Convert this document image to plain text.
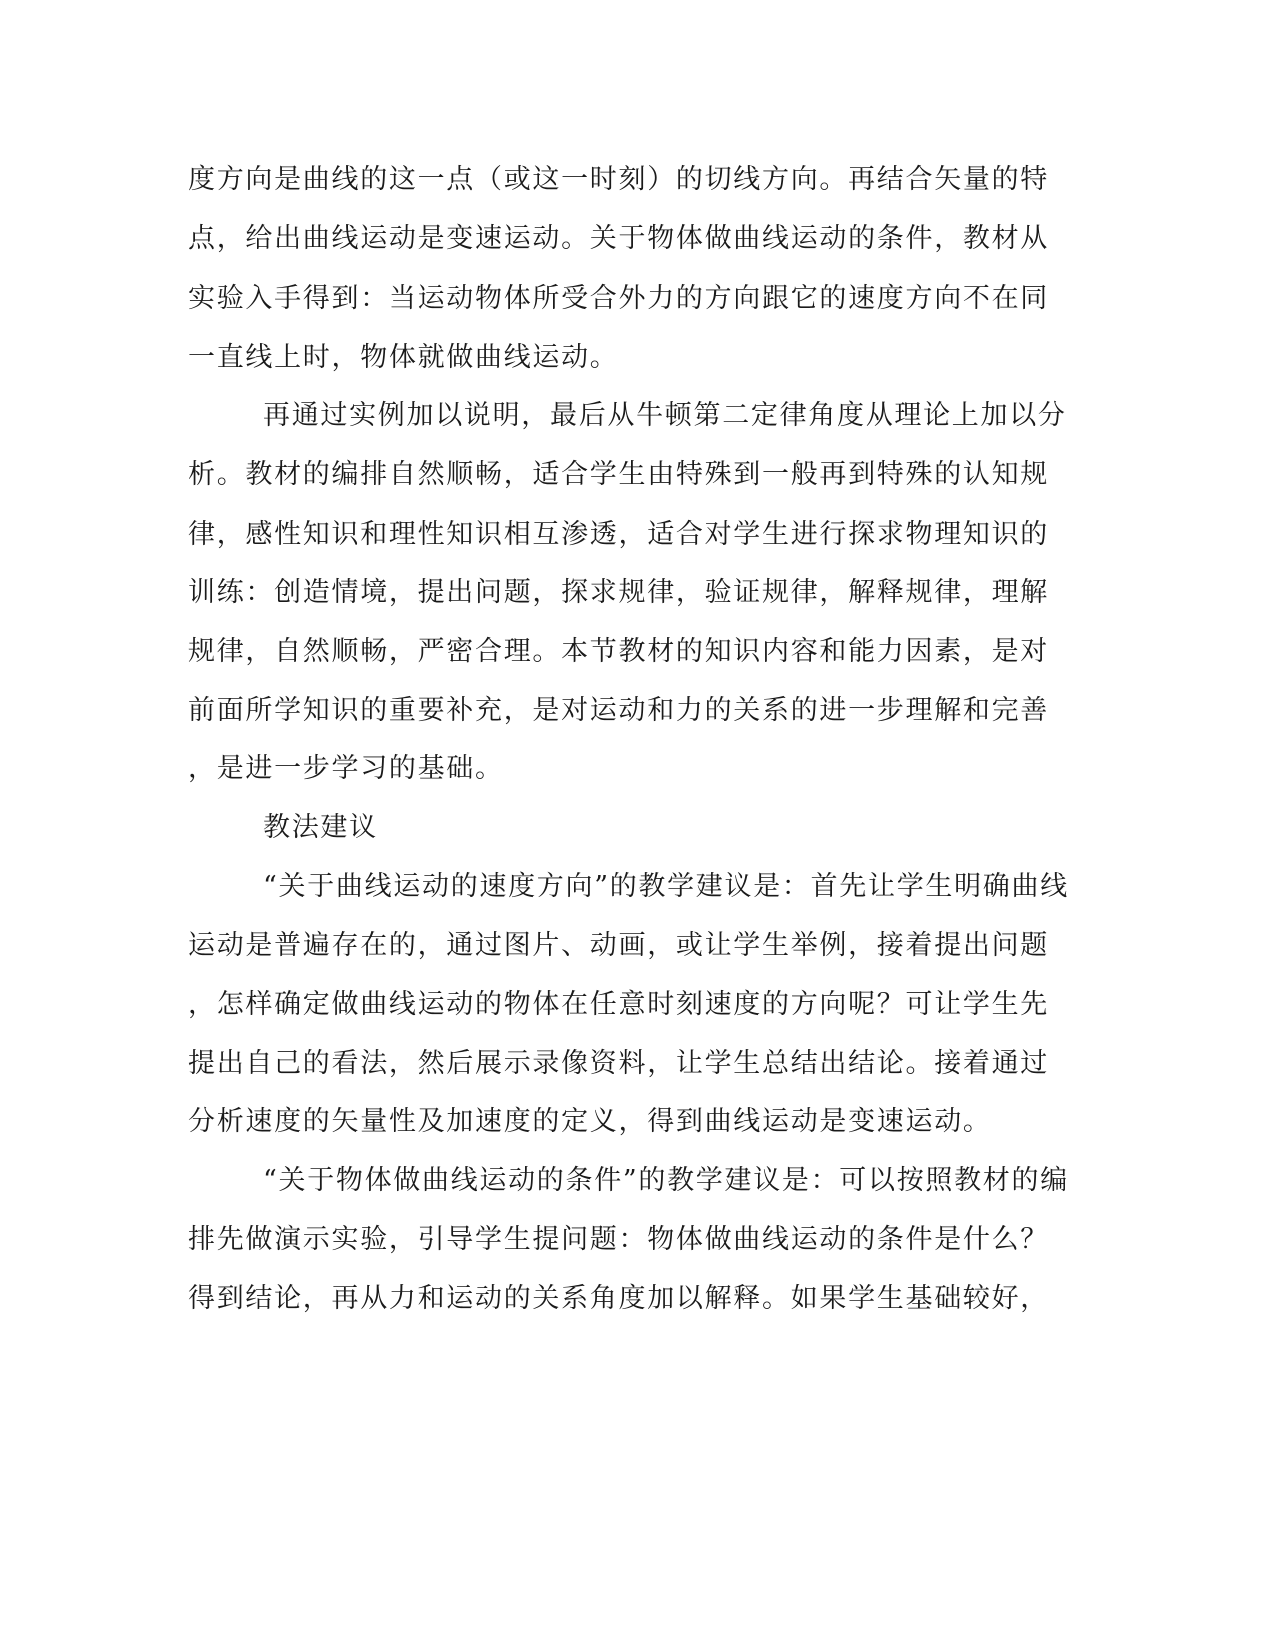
度方向是曲线的这一点（或这一时刻）的切线方向。再结合矢量的特
点，给出曲线运动是变速运动。关于物体做曲线运动的条件，教材从
实验入手得到：当运动物体所受合外力的方向跟它的速度方向不在同
一直线上时，物体就做曲线运动。
再通过实例加以说明，最后从牛顿第二定律角度从理论上加以分
析。教材的编排自然顺畅，适合学生由特殊到一般再到特殊的认知规
律，感性知识和理性知识相互渗透，适合对学生进行探求物理知识的
训练：创造情境，提出问题，探求规律，验证规律，解释规律，理解
规律，自然顺畅，严密合理。本节教材的知识内容和能力因素，是对
前面所学知识的重要补充，是对运动和力的关系的进一步理解和完善
，是进一步学习的基础。
教法建议
“关于曲线运动的速度方向”的教学建议是：首先让学生明确曲线
运动是普遍存在的，通过图片、动画，或让学生举例，接着提出问题
，怎样确定做曲线运动的物体在任意时刻速度的方向呢？可让学生先
提出自己的看法，然后展示录像资料，让学生总结出结论。接着通过
分析速度的矢量性及加速度的定义，得到曲线运动是变速运动。
“关于物体做曲线运动的条件”的教学建议是：可以按照教材的编
排先做演示实验，引导学生提问题：物体做曲线运动的条件是什么？
得到结论，再从力和运动的关系角度加以解释。如果学生基础较好，
